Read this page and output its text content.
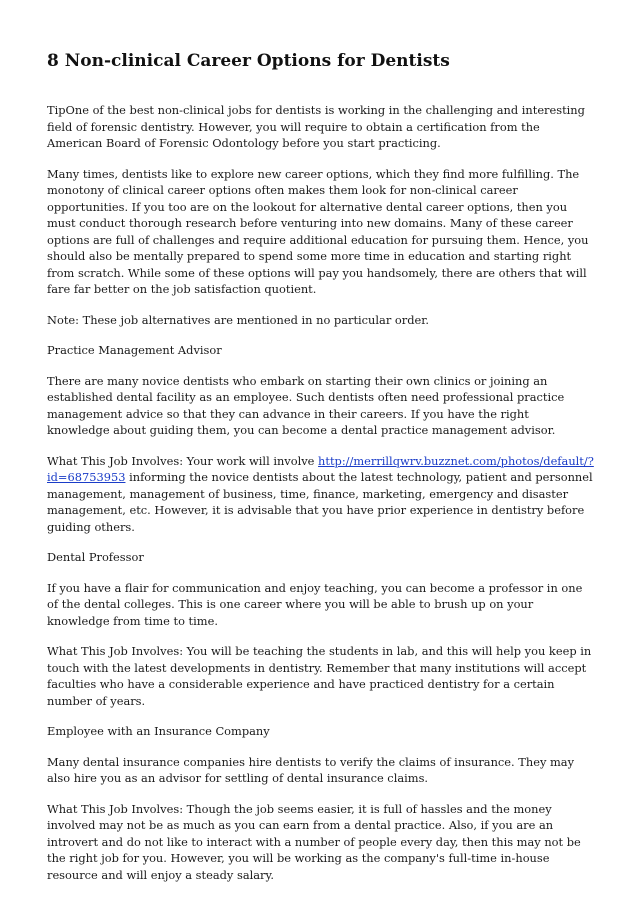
8 Non-clinical Career Options for Dentists

TipOne of the best non-clinical jobs for dentists is working in the challenging and interesting field of forensic dentistry. However, you will require to obtain a certification from the American Board of Forensic Odontology before you start practicing.

Many times, dentists like to explore new career options, which they find more fulfilling. The monotony of clinical career options often makes them look for non-clinical career opportunities. If you too are on the lookout for alternative dental career options, then you must conduct thorough research before venturing into new domains. Many of these career options are full of challenges and require additional education for pursuing them. Hence, you should also be mentally prepared to spend some more time in education and starting right from scratch. While some of these options will pay you handsomely, there are others that will fare far better on the job satisfaction quotient.

Note: These job alternatives are mentioned in no particular order.

Practice Management Advisor

There are many novice dentists who embark on starting their own clinics or joining an established dental facility as an employee. Such dentists often need professional practice management advice so that they can advance in their careers. If you have the right knowledge about guiding them, you can become a dental practice management advisor.

What This Job Involves: Your work will involve http://merrillqwrv.buzznet.com/photos/default/?id=68753953 informing the novice dentists about the latest technology, patient and personnel management, management of business, time, finance, marketing, emergency and disaster management, etc. However, it is advisable that you have prior experience in dentistry before guiding others.

Dental Professor

If you have a flair for communication and enjoy teaching, you can become a professor in one of the dental colleges. This is one career where you will be able to brush up on your knowledge from time to time.

What This Job Involves: You will be teaching the students in lab, and this will help you keep in touch with the latest developments in dentistry. Remember that many institutions will accept faculties who have a considerable experience and have practiced dentistry for a certain number of years.

Employee with an Insurance Company

Many dental insurance companies hire dentists to verify the claims of insurance. They may also hire you as an advisor for settling of dental insurance claims.

What This Job Involves: Though the job seems easier, it is full of hassles and the money involved may not be as much as you can earn from a dental practice. Also, if you are an introvert and do not like to interact with a number of people every day, then this may not be the right job for you. However, you will be working as the company's full-time in-house resource and will enjoy a steady salary.
